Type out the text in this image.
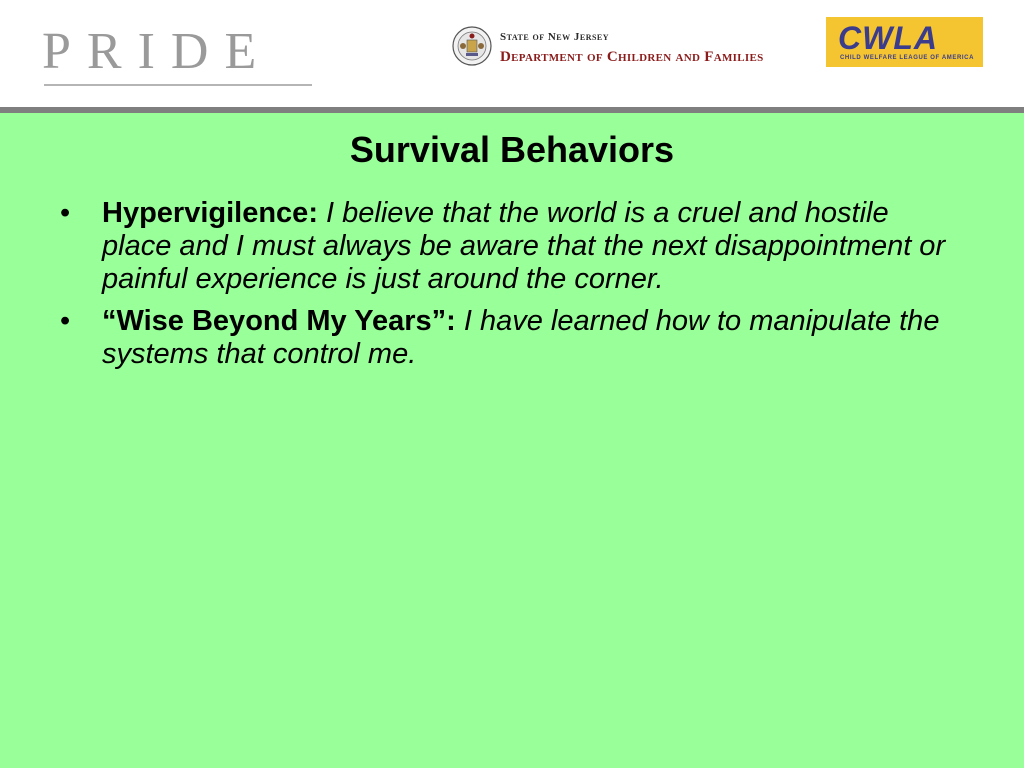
PRIDE	State of New Jersey
Department of Children and Families
CWLA
CHILD WELFARE LEAGUE OF AMERICA
Survival Behaviors
• Hypervigilence: I believe that the world is a cruel and hostile place and I must always be aware that the next disappointment or painful experience is just around the corner.
• “Wise Beyond My Years”: I have learned how to manipulate the systems that control me.
